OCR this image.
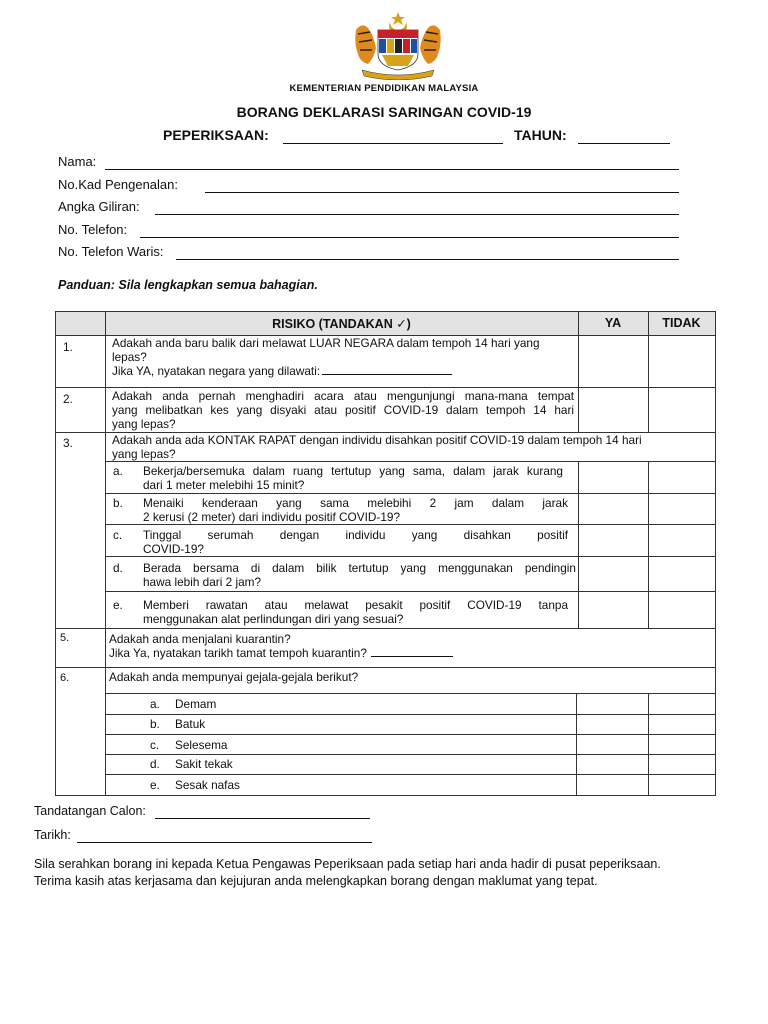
KEMENTERIAN PENDIDIKAN MALAYSIA
BORANG DEKLARASI SARINGAN COVID-19
PEPERIKSAAN:	TAHUN:
Nama:
No.Kad Pengenalan:
Angka Giliran:
No. Telefon:
No. Telefon Waris:
Panduan: Sila lengkapkan semua bahagian.
RISIKO (TANDAKAN ✓)	YA	TIDAK
1.	Adakah anda baru balik dari melawat LUAR NEGARA dalam tempoh 14 hari yang
lepas?
Jika YA, nyatakan negara yang dilawati:
2.	Adakah anda pernah menghadiri acara atau mengunjungi mana-mana tempat
yang melibatkan kes yang disyaki atau positif COVID-19 dalam tempoh 14 hari
yang lepas?
3.	Adakah anda ada KONTAK RAPAT dengan individu disahkan positif COVID-19 dalam tempoh 14 hari
yang lepas?
a. Bekerja/bersemuka dalam ruang tertutup yang sama, dalam jarak kurang
dari 1 meter melebihi 15 minit?
b. Menaiki kenderaan yang sama melebihi 2 jam dalam jarak
2 kerusi (2 meter) dari individu positif COVID-19?
c. Tinggal serumah dengan individu yang disahkan positif
COVID-19?
d. Berada bersama di dalam bilik tertutup yang menggunakan pendingin
hawa lebih dari 2 jam?
e. Memberi rawatan atau melawat pesakit positif COVID-19 tanpa
menggunakan alat perlindungan diri yang sesuai?
5.	Adakah anda menjalani kuarantin?
Jika Ya, nyatakan tarikh tamat tempoh kuarantin?
6.	Adakah anda mempunyai gejala-gejala berikut?
a. Demam
b. Batuk
c. Selesema
d. Sakit tekak
e. Sesak nafas
Tandatangan Calon:
Tarikh:
Sila serahkan borang ini kepada Ketua Pengawas Peperiksaan pada setiap hari anda hadir di pusat peperiksaan.
Terima kasih atas kerjasama dan kejujuran anda melengkapkan borang dengan maklumat yang tepat.
